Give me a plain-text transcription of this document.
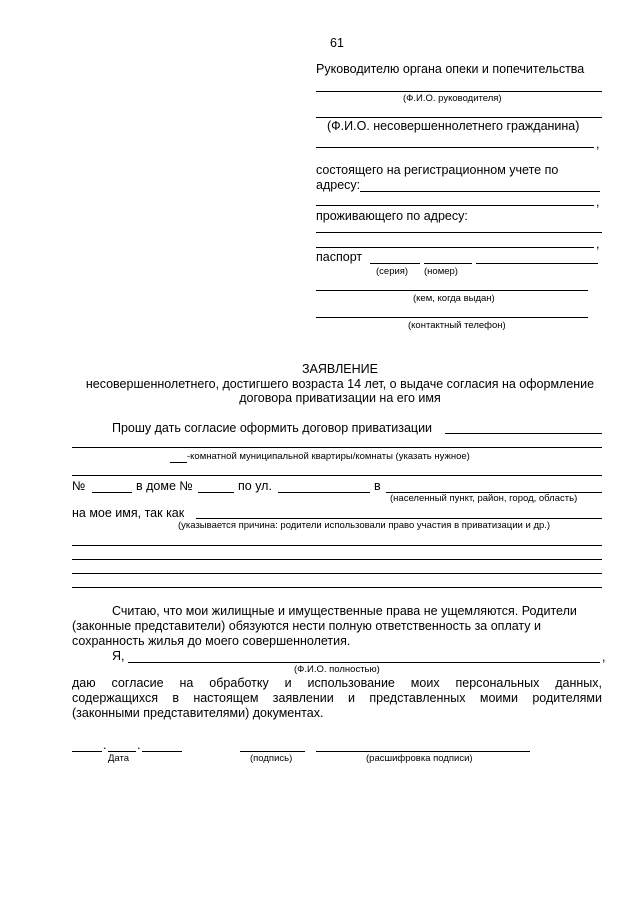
61
Руководителю органа опеки и попечительства
(Ф.И.О. руководителя)
(Ф.И.О. несовершеннолетнего гражданина)
,
состоящего на регистрационном учете по
адресу:
,
проживающего по адресу:
,
паспорт
(серия) (номер)
(кем, когда выдан)
(контактный телефон)
ЗАЯВЛЕНИЕ
несовершеннолетнего, достигшего возраста 14 лет, о выдаче согласия на оформление
договора приватизации на его имя
Прошу дать согласие оформить договор приватизации
-комнатной муниципальной квартиры/комнаты (указать нужное)
№	в доме №	по ул.	в
(населенный пункт, район, город, область)
на мое имя, так как
(указывается причина: родители использовали право участия в приватизации и др.)
Считаю, что мои жилищные и имущественные права не ущемляются. Родители
(законные представители) обязуются нести полную ответственность за оплату и
сохранность жилья до моего совершеннолетия.
Я,	,
(Ф.И.О. полностью)
даю согласие на обработку и использование моих персональных данных,
содержащихся в настоящем заявлении и представленных моими родителями
(законными представителями) документах.
. .
Дата	(подпись)	(расшифровка подписи)
